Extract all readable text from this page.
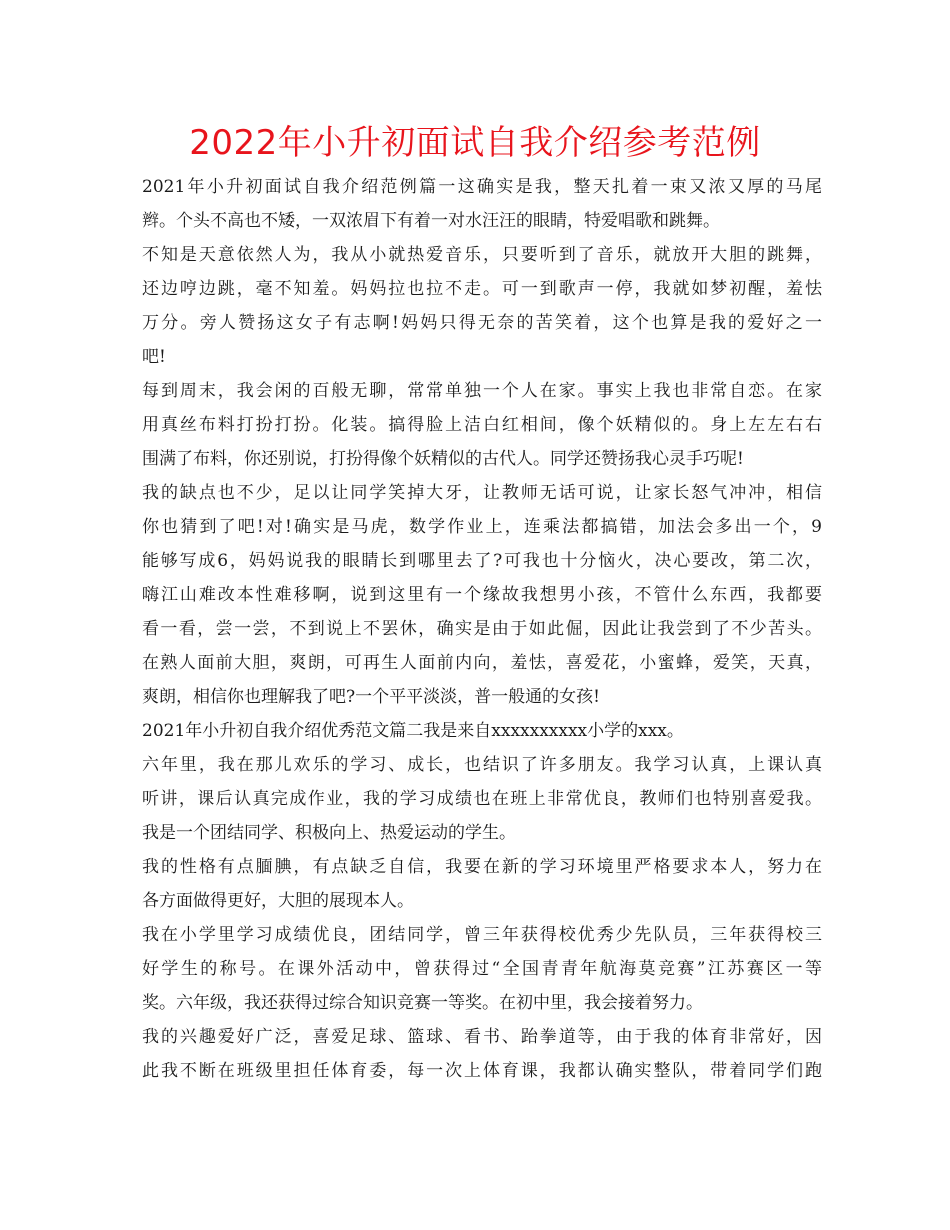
2022年小升初面试自我介绍参考范例
2021年小升初面试自我介绍范例篇一这确实是我，整天扎着一束又浓又厚的马尾
辫。个头不高也不矮，一双浓眉下有着一对水汪汪的眼睛，特爱唱歌和跳舞。
不知是天意依然人为，我从小就热爱音乐，只要听到了音乐，就放开大胆的跳舞，
还边哼边跳，毫不知羞。妈妈拉也拉不走。可一到歌声一停，我就如梦初醒，羞怯
万分。旁人赞扬这女子有志啊!妈妈只得无奈的苦笑着，这个也算是我的爱好之一
吧!
每到周末，我会闲的百般无聊，常常单独一个人在家。事实上我也非常自恋。在家
用真丝布料打扮打扮。化装。搞得脸上洁白红相间，像个妖精似的。身上左左右右
围满了布料，你还别说，打扮得像个妖精似的古代人。同学还赞扬我心灵手巧呢!
我的缺点也不少，足以让同学笑掉大牙，让教师无话可说，让家长怒气冲冲，相信
你也猜到了吧!对!确实是马虎，数学作业上，连乘法都搞错，加法会多出一个，9
能够写成6，妈妈说我的眼睛长到哪里去了?可我也十分恼火，决心要改，第二次，
嗨江山难改本性难移啊，说到这里有一个缘故我想男小孩，不管什么东西，我都要
看一看，尝一尝，不到说上不罢休，确实是由于如此倔，因此让我尝到了不少苦头。
在熟人面前大胆，爽朗，可再生人面前内向，羞怯，喜爱花，小蜜蜂，爱笑，天真，
爽朗，相信你也理解我了吧?一个平平淡淡，普一般通的女孩!
2021年小升初自我介绍优秀范文篇二我是来自xxxxxxxxxx小学的xxx。
六年里，我在那儿欢乐的学习、成长，也结识了许多朋友。我学习认真，上课认真
听讲，课后认真完成作业，我的学习成绩也在班上非常优良，教师们也特别喜爱我。
我是一个团结同学、积极向上、热爱运动的学生。
我的性格有点腼腆，有点缺乏自信，我要在新的学习环境里严格要求本人，努力在
各方面做得更好，大胆的展现本人。
我在小学里学习成绩优良，团结同学，曾三年获得校优秀少先队员，三年获得校三
好学生的称号。在课外活动中，曾获得过“全国青青年航海莫竞赛”江苏赛区一等
奖。六年级，我还获得过综合知识竞赛一等奖。在初中里，我会接着努力。
我的兴趣爱好广泛，喜爱足球、篮球、看书、跆拳道等，由于我的体育非常好，因
此我不断在班级里担任体育委，每一次上体育课，我都认确实整队，带着同学们跑
